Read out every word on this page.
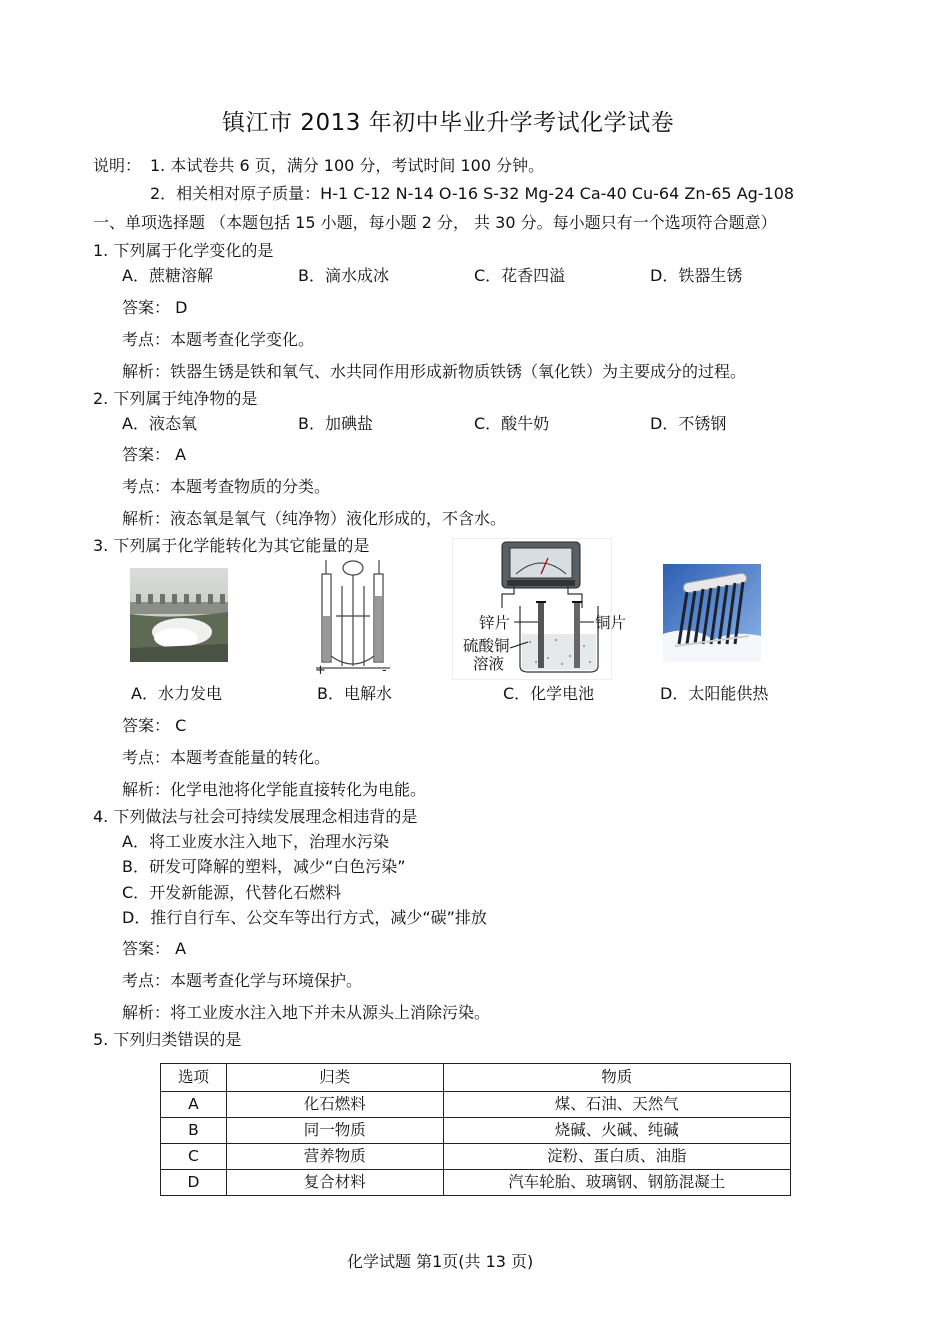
镇江市 2013 年初中毕业升学考试化学试卷
说明： 1. 本试卷共 6 页，满分 100 分，考试时间 100 分钟。
2．相关相对原子质量：H-1 C-12 N-14 O-16 S-32 Mg-24 Ca-40 Cu-64 Zn-65 Ag-108
一、单项选择题 （本题包括 15 小题，每小题 2 分， 共 30 分。每小题只有一个选项符合题意）
1. 下列属于化学变化的是
A．蔗糖溶解	B．滴水成冰	C．花香四溢	D．铁器生锈
答案： D
考点：本题考查化学变化。
解析：铁器生锈是铁和氧气、水共同作用形成新物质铁锈（氧化铁）为主要成分的过程。
2. 下列属于纯净物的是
A．液态氧	B．加碘盐	C．酸牛奶	D．不锈钢
答案： A
考点：本题考查物质的分类。
解析：液态氧是氧气（纯净物）液化形成的，不含水。
3. 下列属于化学能转化为其它能量的是
+	-
锌片	铜片
硫酸铜
溶液
A．水力发电	B．电解水	C．化学电池	D．太阳能供热
答案： C
考点：本题考查能量的转化。
解析：化学电池将化学能直接转化为电能。
4. 下列做法与社会可持续发展理念相违背的是
A．将工业废水注入地下，治理水污染
B．研发可降解的塑料，减少“白色污染”
C．开发新能源，代替化石燃料
D．推行自行车、公交车等出行方式，减少“碳”排放
答案： A
考点：本题考查化学与环境保护。
解析：将工业废水注入地下并未从源头上消除污染。
5. 下列归类错误的是
选项	归类	物质
A	化石燃料	煤、石油、天然气
B	同一物质	烧碱、火碱、纯碱
C	营养物质	淀粉、蛋白质、油脂
D	复合材料	汽车轮胎、玻璃钢、钢筋混凝土
化学试题 第1页(共 13 页)
